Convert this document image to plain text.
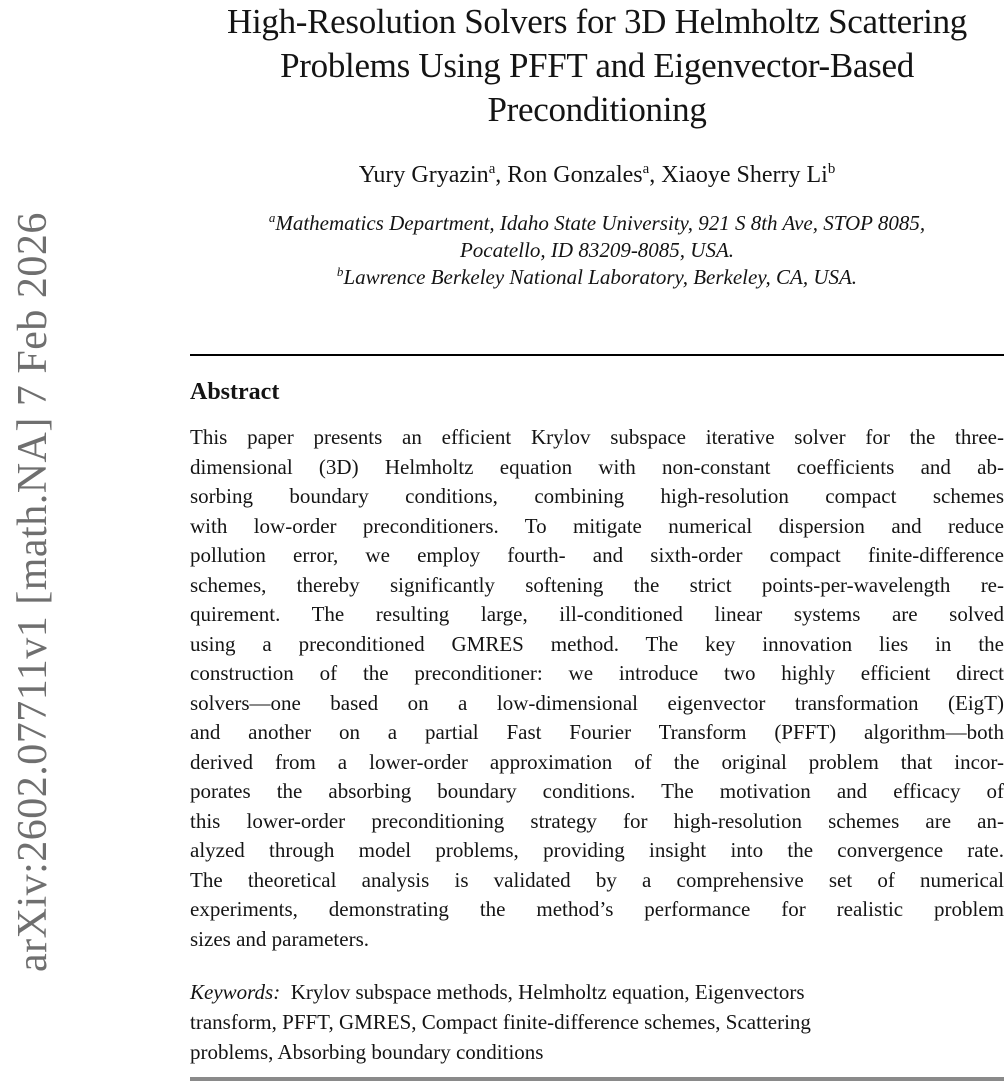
arXiv:2602.07711v1 [math.NA] 7 Feb 2026
High-Resolution Solvers for 3D Helmholtz Scattering
Problems Using PFFT and Eigenvector-Based
Preconditioning
Yury Gryazin$^a$, Ron Gonzales$^a$, Xiaoye Sherry Li$^b$
$^a$Mathematics Department, Idaho State University, 921 S 8th Ave, STOP 8085,
Pocatello, ID 83209-8085, USA.
$^b$Lawrence Berkeley National Laboratory, Berkeley, CA, USA.
Abstract
This paper presents an efficient Krylov subspace iterative solver for the three-
dimensional (3D) Helmholtz equation with non-constant coefficients and ab-
sorbing boundary conditions, combining high-resolution compact schemes
with low-order preconditioners. To mitigate numerical dispersion and reduce
pollution error, we employ fourth- and sixth-order compact finite-difference
schemes, thereby significantly softening the strict points-per-wavelength re-
quirement. The resulting large, ill-conditioned linear systems are solved
using a preconditioned GMRES method. The key innovation lies in the
construction of the preconditioner: we introduce two highly efficient direct
solvers—one based on a low-dimensional eigenvector transformation (EigT)
and another on a partial Fast Fourier Transform (PFFT) algorithm—both
derived from a lower-order approximation of the original problem that incor-
porates the absorbing boundary conditions. The motivation and efficacy of
this lower-order preconditioning strategy for high-resolution schemes are an-
alyzed through model problems, providing insight into the convergence rate.
The theoretical analysis is validated by a comprehensive set of numerical
experiments, demonstrating the method’s performance for realistic problem
sizes and parameters.
Keywords: Krylov subspace methods, Helmholtz equation, Eigenvectors
transform, PFFT, GMRES, Compact finite-difference schemes, Scattering
problems, Absorbing boundary conditions
